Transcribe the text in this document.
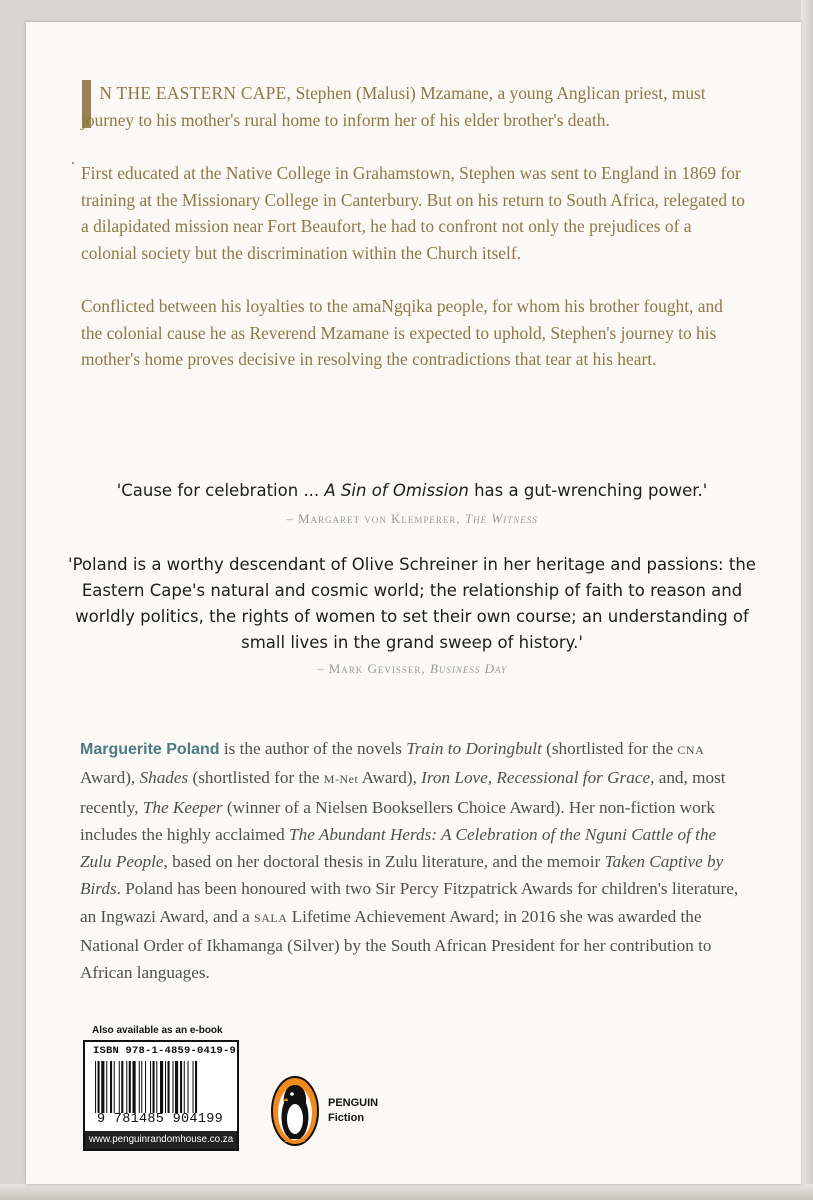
N THE EASTERN CAPE, Stephen (Malusi) Mzamane, a young Anglican priest, must journey to his mother's rural home to inform her of his elder brother's death.

First educated at the Native College in Grahamstown, Stephen was sent to England in 1869 for training at the Missionary College in Canterbury. But on his return to South Africa, relegated to a dilapidated mission near Fort Beaufort, he had to confront not only the prejudices of a colonial society but the discrimination within the Church itself.

Conflicted between his loyalties to the amaNgqika people, for whom his brother fought, and the colonial cause he as Reverend Mzamane is expected to uphold, Stephen's journey to his mother's home proves decisive in resolving the contradictions that tear at his heart.

'Cause for celebration ... A Sin of Omission has a gut-wrenching power.'

– Margaret von Klemperer, The Witness

'Poland is a worthy descendant of Olive Schreiner in her heritage and passions: the Eastern Cape's natural and cosmic world; the relationship of faith to reason and worldly politics, the rights of women to set their own course; an understanding of small lives in the grand sweep of history.'

– Mark Gevisser, Business Day

Marguerite Poland is the author of the novels Train to Doringbult (shortlisted for the CNA Award), Shades (shortlisted for the M-Net Award), Iron Love, Recessional for Grace, and, most recently, The Keeper (winner of a Nielsen Booksellers Choice Award). Her non-fiction work includes the highly acclaimed The Abundant Herds: A Celebration of the Nguni Cattle of the Zulu People, based on her doctoral thesis in Zulu literature, and the memoir Taken Captive by Birds. Poland has been honoured with two Sir Percy Fitzpatrick Awards for children's literature, an Ingwazi Award, and a SALA Lifetime Achievement Award; in 2016 she was awarded the National Order of Ikhamanga (Silver) by the South African President for her contribution to African languages.

Also available as an e-book
ISBN 978-1-4859-0419-9
9 781485 904199
www.penguinrandomhouse.co.za
PENGUIN
Fiction
